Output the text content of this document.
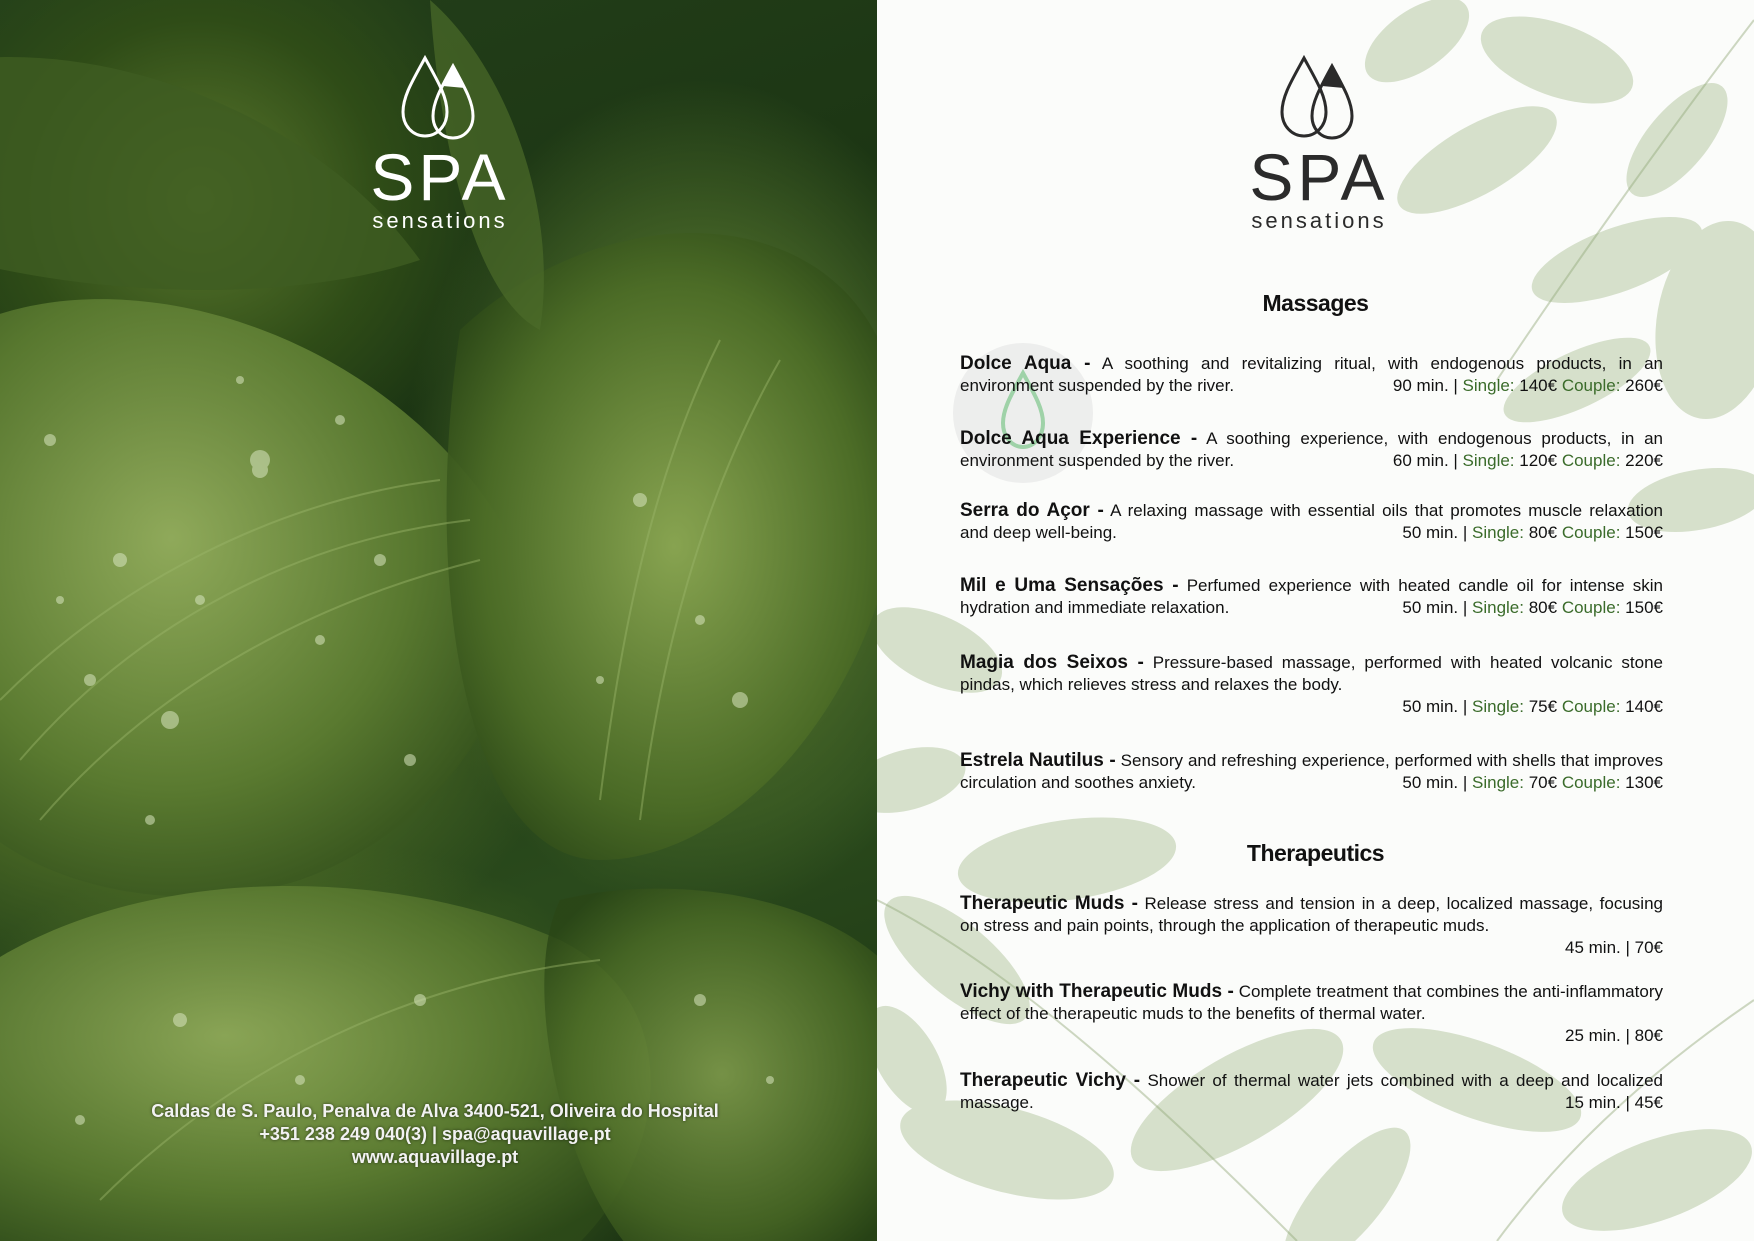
SPA
sensations
Caldas de S. Paulo, Penalva de Alva 3400-521, Oliveira do Hospital
+351 238 249 040(3) | spa@aquavillage.pt
www.aquavillage.pt
SPA
sensations
Massages
Dolce Aqua - A soothing and revitalizing ritual, with endogenous products, in an environment suspended by the river.	90 min. | Single: 140€ Couple: 260€
Dolce Aqua Experience - A soothing experience, with endogenous products, in an environment suspended by the river.	60 min. | Single: 120€ Couple: 220€
Serra do Açor - A relaxing massage with essential oils that promotes muscle relaxation and deep well-being.	50 min. | Single: 80€ Couple: 150€
Mil e Uma Sensações - Perfumed experience with heated candle oil for intense skin hydration and immediate relaxation.	50 min. | Single: 80€ Couple: 150€
Magia dos Seixos - Pressure-based massage, performed with heated volcanic stone pindas, which relieves stress and relaxes the body.
50 min. | Single: 75€ Couple: 140€
Estrela Nautilus - Sensory and refreshing experience, performed with shells that improves circulation and soothes anxiety.	50 min. | Single: 70€ Couple: 130€
Therapeutics
Therapeutic Muds - Release stress and tension in a deep, localized massage, focusing on stress and pain points, through the application of therapeutic muds.
45 min. | 70€
Vichy with Therapeutic Muds - Complete treatment that combines the anti-inflammatory effect of the therapeutic muds to the benefits of thermal water.
25 min. | 80€
Therapeutic Vichy - Shower of thermal water jets combined with a deep and localized massage.	15 min. | 45€
